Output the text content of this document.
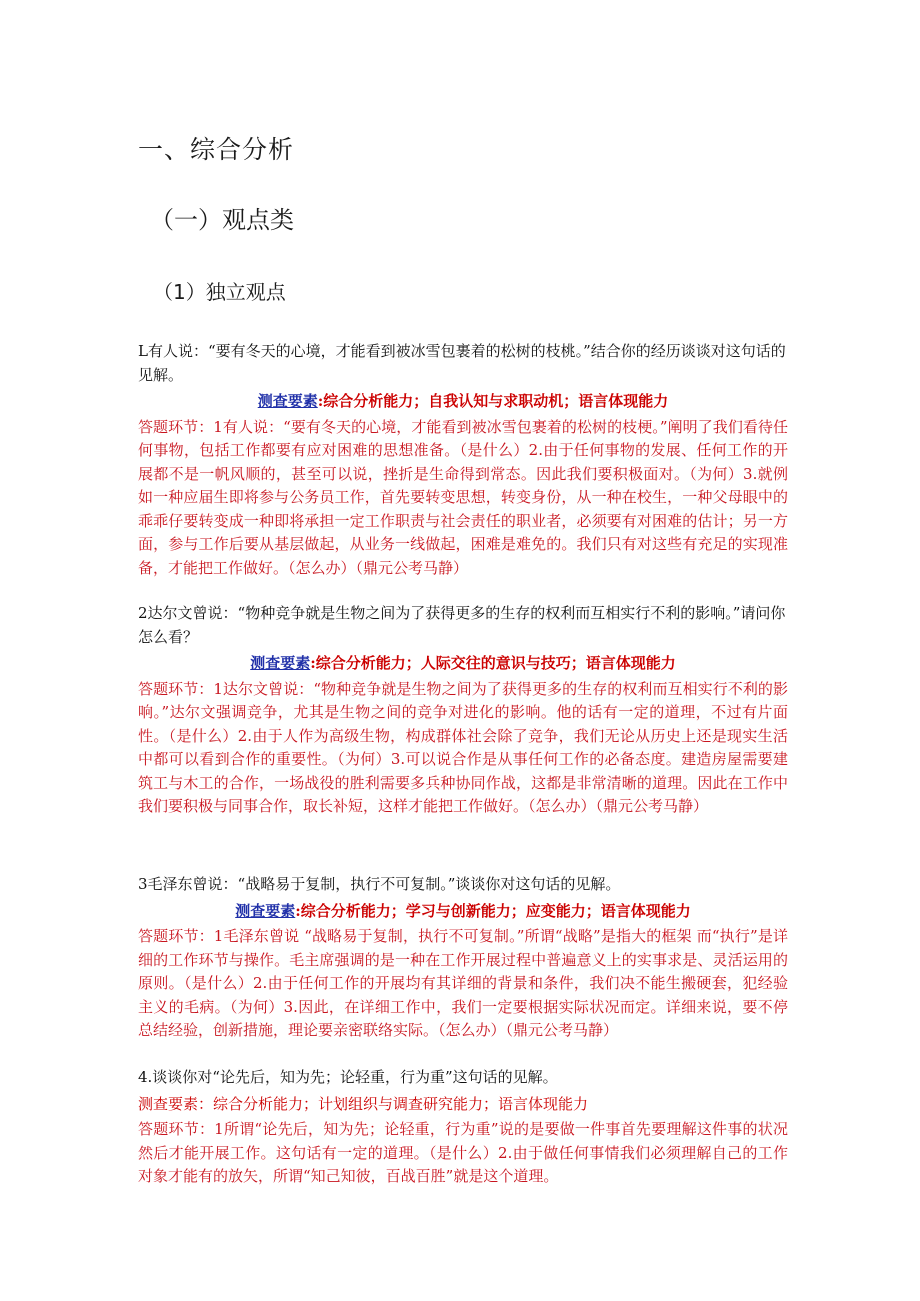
一、综合分析
（一）观点类
（1）独立观点

L有人说：“要有冬天的心境，才能看到被冰雪包裹着的松树的枝桃。”结合你的经历谈谈对这句话的见解。

测查要素:综合分析能力；自我认知与求职动机；语言体现能力

答题环节：1有人说：“要有冬天的心境，才能看到被冰雪包裹着的松树的枝梗。”阐明了我们看待任何事物，包括工作都要有应对困难的思想准备。（是什么）2.由于任何事物的发展、任何工作的开展都不是一帆风顺的，甚至可以说，挫折是生命得到常态。因此我们要积极面对。（为何）3.就例如一种应届生即将参与公务员工作，首先要转变思想，转变身份，从一种在校生，一种父母眼中的乖乖仔要转变成一种即将承担一定工作职责与社会责任的职业者，必须要有对困难的估计；另一方面，参与工作后要从基层做起，从业务一线做起，困难是难免的。我们只有对这些有充足的实现准备，才能把工作做好。（怎么办）（鼎元公考马静）

2达尔文曾说：“物种竞争就是生物之间为了获得更多的生存的权利而互相实行不利的影响。”请问你怎么看？

测查要素:综合分析能力；人际交往的意识与技巧；语言体现能力

答题环节：1达尔文曾说：“物种竞争就是生物之间为了获得更多的生存的权利而互相实行不利的影响。”达尔文强调竞争，尤其是生物之间的竞争对进化的影响。他的话有一定的道理，不过有片面性。（是什么）2.由于人作为高级生物，构成群体社会除了竞争，我们无论从历史上还是现实生活中都可以看到合作的重要性。（为何）3.可以说合作是从事任何工作的必备态度。建造房屋需要建筑工与木工的合作，一场战役的胜利需要多兵种协同作战，这都是非常清晰的道理。因此在工作中我们要积极与同事合作，取长补短，这样才能把工作做好。（怎么办）（鼎元公考马静）

3毛泽东曾说：“战略易于复制，执行不可复制。”谈谈你对这句话的见解。

测查要素:综合分析能力；学习与创新能力；应变能力；语言体现能力

答题环节：1毛泽东曾说 “战略易于复制，执行不可复制。”所谓“战略”是指大的框架 而“执行”是详细的工作环节与操作。毛主席强调的是一种在工作开展过程中普遍意义上的实事求是、灵活运用的原则。（是什么）2.由于任何工作的开展均有其详细的背景和条件，我们决不能生搬硬套，犯经验主义的毛病。（为何）3.因此，在详细工作中，我们一定要根据实际状况而定。详细来说，要不停总结经验，创新措施，理论要亲密联络实际。（怎么办）（鼎元公考马静）

4.谈谈你对“论先后，知为先；论轻重，行为重”这句话的见解。

测查要素：综合分析能力；计划组织与调查研究能力；语言体现能力

答题环节：1所谓“论先后，知为先；论轻重，行为重”说的是要做一件事首先要理解这件事的状况然后才能开展工作。这句话有一定的道理。（是什么）2.由于做任何事情我们必须理解自己的工作对象才能有的放矢，所谓“知己知彼，百战百胜”就是这个道理。
